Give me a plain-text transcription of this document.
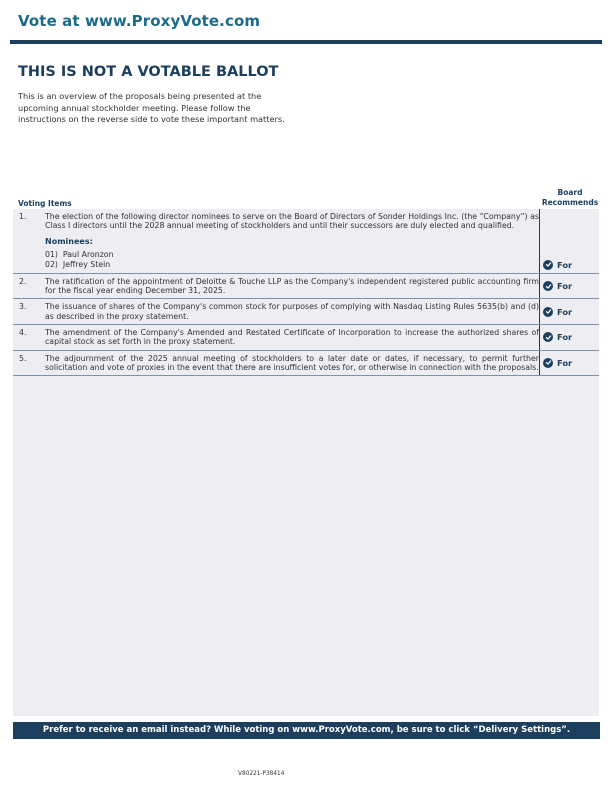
Vote at www.ProxyVote.com
THIS IS NOT A VOTABLE BALLOT
This is an overview of the proposals being presented at the
upcoming annual stockholder meeting. Please follow the
instructions on the reverse side to vote these important matters.
Voting Items
Board
Recommends
1.	The election of the following director nominees to serve on the Board of Directors of Sonder Holdings Inc. (the “Company”) as Class I directors until the 2028 annual meeting of stockholders and until their successors are duly elected and qualified.
Nominees:
01)  Paul Aronzon
02)  Jeffrey Stein	For
2.	The ratification of the appointment of Deloitte & Touche LLP as the Company's independent registered public accounting firm for the fiscal year ending December 31, 2025.	For
3.	The issuance of shares of the Company's common stock for purposes of complying with Nasdaq Listing Rules 5635(b) and (d) as described in the proxy statement.	For
4.	The amendment of the Company's Amended and Restated Certificate of Incorporation to increase the authorized shares of capital stock as set forth in the proxy statement.	For
5.	The adjournment of the 2025 annual meeting of stockholders to a later date or dates, if necessary, to permit further solicitation and vote of proxies in the event that there are insufficient votes for, or otherwise in connection with the proposals. For
Prefer to receive an email instead? While voting on www.ProxyVote.com, be sure to click “Delivery Settings”.
V80221-P38414
